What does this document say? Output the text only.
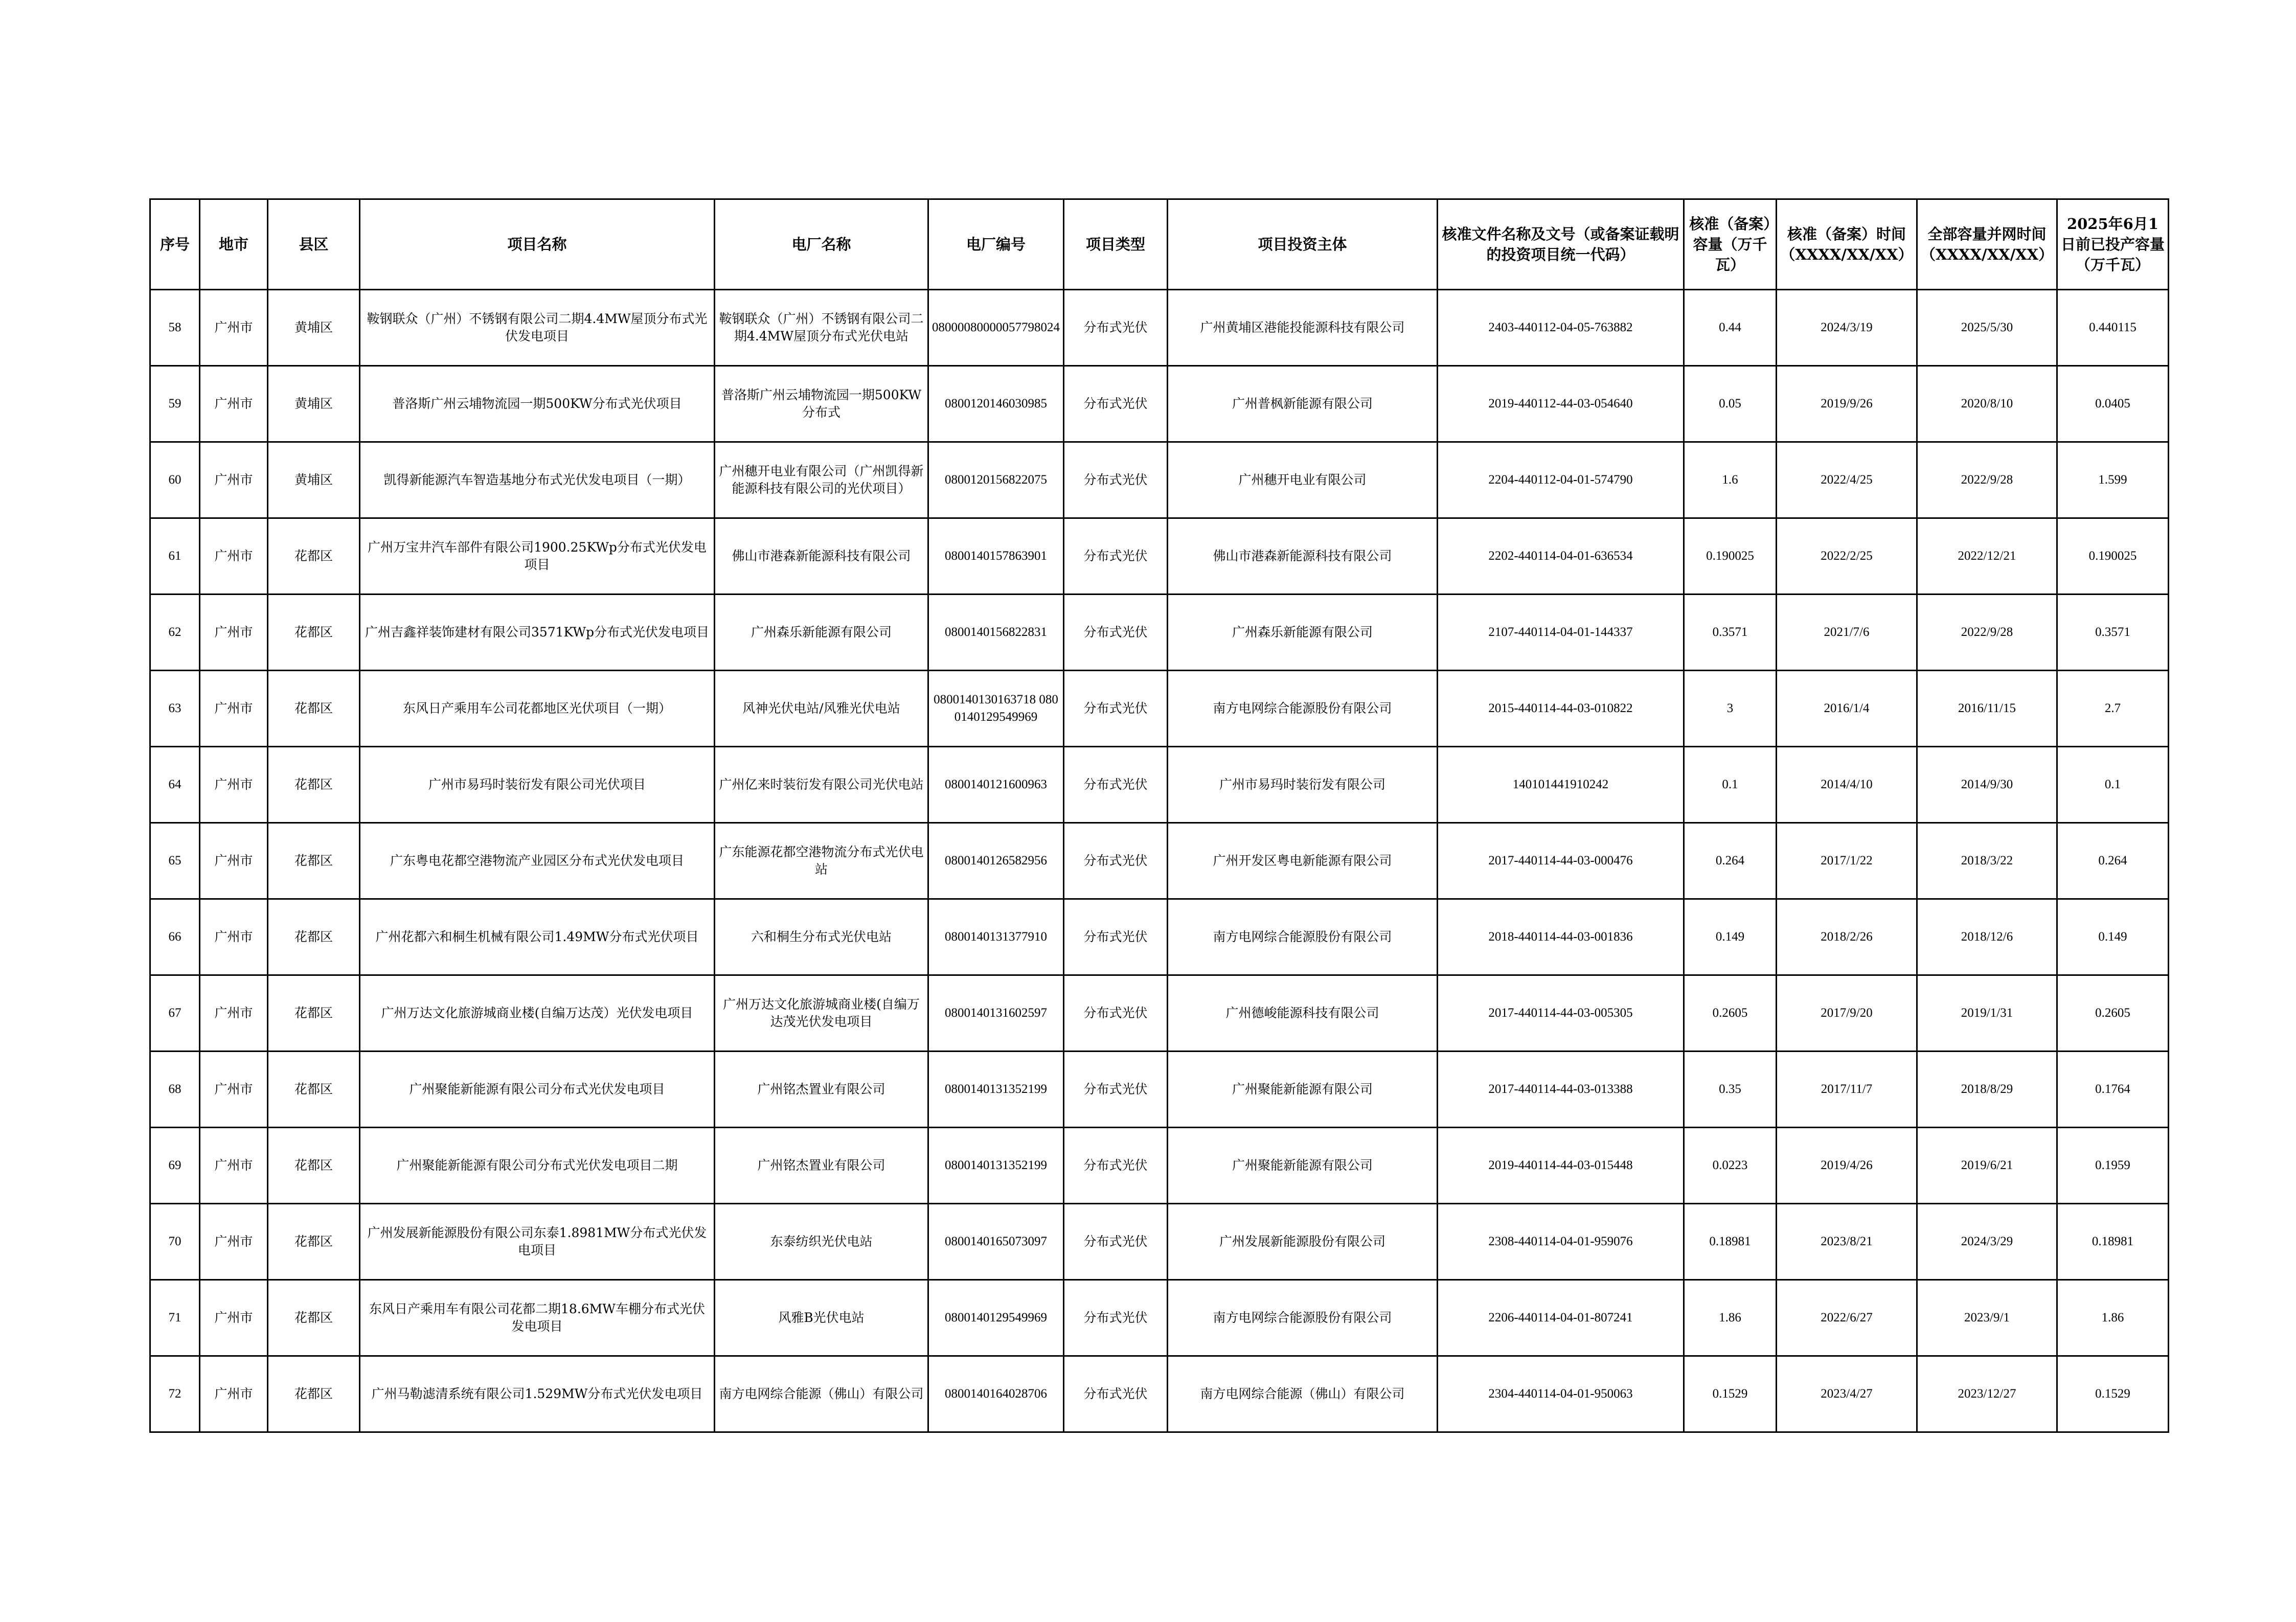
序号	地市	县区	项目名称	电厂名称	电厂编号	项目类型	项目投资主体	核准文件名称及文号（或备案证载明的投资项目统一代码）	核准（备案）容量（万千瓦）	核准（备案）时间（XXXX/XX/XX）	全部容量并网时间（XXXX/XX/XX）	2025年6月1日前已投产容量（万千瓦）
58	广州市	黄埔区	鞍钢联众（广州）不锈钢有限公司二期4.4MW屋顶分布式光伏发电项目	鞍钢联众（广州）不锈钢有限公司二期4.4MW屋顶分布式光伏电站	0800008000005779802​4	分布式光伏	广州黄埔区港能投能源科技有限公司	2403-440112-04-05-763882	0.44	2024/3/19	2025/5/30	0.440115
59	广州市	黄埔区	普洛斯广州云埔物流园一期500KW分布式光伏项目	普洛斯广州云埔物流园一期500KW分布式	080012014603098​5	分布式光伏	广州普枫新能源有限公司	2019-440112-44-03-054640	0.05	2019/9/26	2020/8/10	0.0405
60	广州市	黄埔区	凯得新能源汽车智造基地分布式光伏发电项目（一期）	广州穗开电业有限公司（广州凯得新能源科技有限公司的光伏项目）	080012015682207​5	分布式光伏	广州穗开电业有限公司	2204-440112-04-01-574790	1.6	2022/4/25	2022/9/28	1.599
61	广州市	花都区	广州万宝井汽车部件有限公司1900.25KWp分布式光伏发电项目	佛山市港森新能源科技有限公司	080014015786390​1	分布式光伏	佛山市港森新能源科技有限公司	2202-440114-04-01-636534	0.190025	2022/2/25	2022/12/21	0.190025
62	广州市	花都区	广州吉鑫祥装饰建材有限公司3571KWp分布式光伏发电项目	广州森乐新能源有限公司	080014015682283​1	分布式光伏	广州森乐新能源有限公司	2107-440114-04-01-144337	0.3571	2021/7/6	2022/9/28	0.3571
63	广州市	花都区	东风日产乘用车公司花都地区光伏项目（一期）	风神光伏电站/风雅光伏电站	0800140130163718 0800140129549969	分布式光伏	南方电网综合能源股份有限公司	2015-440114-44-03-010822	3	2016/1/4	2016/11/15	2.7
64	广州市	花都区	广州市易玛时装衍发有限公司光伏项目	广州亿来时装衍发有限公司光伏电站	080014012160096​3	分布式光伏	广州市易玛时装衍发有限公司	140101441910242	0.1	2014/4/10	2014/9/30	0.1
65	广州市	花都区	广东粤电花都空港物流产业园区分布式光伏发电项目	广东能源花都空港物流分布式光伏电站	080014012658295​6	分布式光伏	广州开发区粤电新能源有限公司	2017-440114-44-03-000476	0.264	2017/1/22	2018/3/22	0.264
66	广州市	花都区	广州花都六和桐生机械有限公司1.49MW分布式光伏项目	六和桐生分布式光伏电站	080014013137791​0	分布式光伏	南方电网综合能源股份有限公司	2018-440114-44-03-001836	0.149	2018/2/26	2018/12/6	0.149
67	广州市	花都区	广州万达文化旅游城商业楼(自编万达茂）光伏发电项目	广州万达文化旅游城商业楼(自编万达茂光伏发电项目	080014013160259​7	分布式光伏	广州德峻能源科技有限公司	2017-440114-44-03-005305	0.2605	2017/9/20	2019/1/31	0.2605
68	广州市	花都区	广州聚能新能源有限公司分布式光伏发电项目	广州铭杰置业有限公司	080014013135219​9	分布式光伏	广州聚能新能源有限公司	2017-440114-44-03-013388	0.35	2017/11/7	2018/8/29	0.1764
69	广州市	花都区	广州聚能新能源有限公司分布式光伏发电项目二期	广州铭杰置业有限公司	080014013135219​9	分布式光伏	广州聚能新能源有限公司	2019-440114-44-03-015448	0.0223	2019/4/26	2019/6/21	0.1959
70	广州市	花都区	广州发展新能源股份有限公司东泰1.8981MW分布式光伏发电项目	东泰纺织光伏电站	080014016507309​7	分布式光伏	广州发展新能源股份有限公司	2308-440114-04-01-959076	0.18981	2023/8/21	2024/3/29	0.18981
71	广州市	花都区	东风日产乘用车有限公司花都二期18.6MW车棚分布式光伏发电项目	风雅B光伏电站	080014012954996​9	分布式光伏	南方电网综合能源股份有限公司	2206-440114-04-01-807241	1.86	2022/6/27	2023/9/1	1.86
72	广州市	花都区	广州马勒滤清系统有限公司1.529MW分布式光伏发电项目	南方电网综合能源（佛山）有限公司	080014016402870​6	分布式光伏	南方电网综合能源（佛山）有限公司	2304-440114-04-01-950063	0.1529	2023/4/27	2023/12/27	0.1529
